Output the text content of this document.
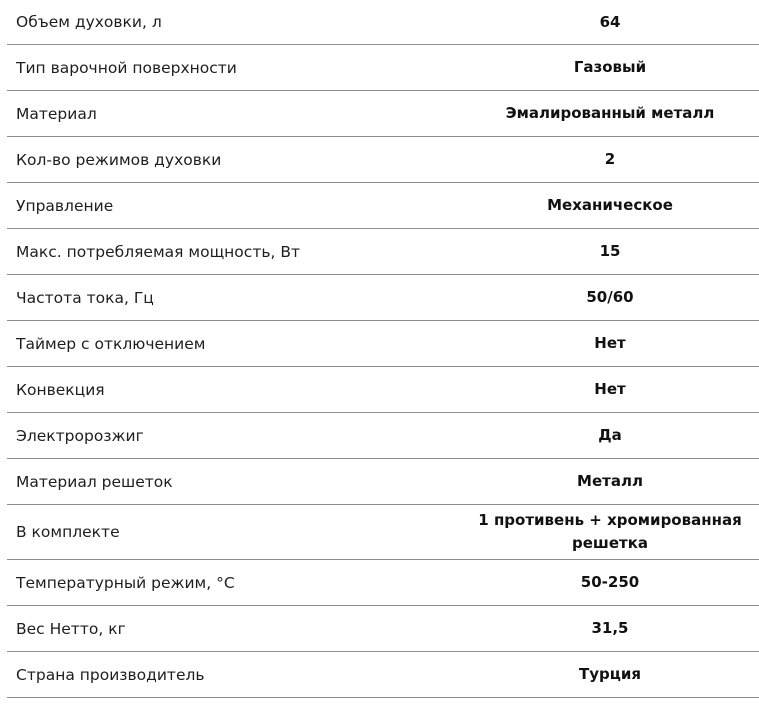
Объем духовки, л	64
Тип варочной поверхности	Газовый
Материал	Эмалированный металл
Кол-во режимов духовки	2
Управление	Механическое
Макс. потребляемая мощность, Вт	15
Частота тока, Гц	50/60
Таймер с отключением	Нет
Конвекция	Нет
Электророзжиг	Да
Материал решеток	Металл
В комплекте	1 противень + хромированная решетка
Температурный режим, °С	50-250
Вес Нетто, кг	31,5
Страна производитель	Турция
